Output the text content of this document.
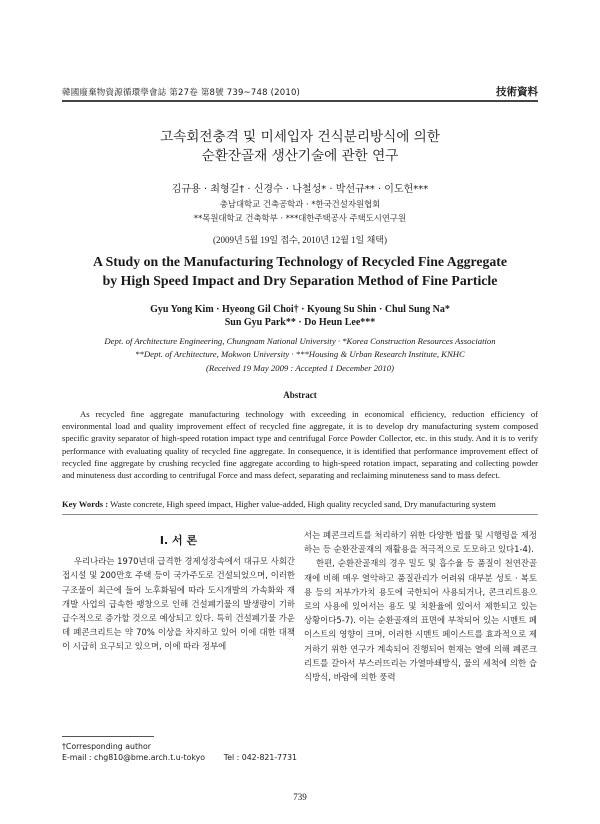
韓國廢棄物資源循環學會誌 第27卷 第8號 739~748 (2010)	技術資料
고속회전충격 및 미세입자 건식분리방식에 의한
순환잔골재 생산기술에 관한 연구
김규용 · 최형길† · 신경수 · 나철성* · 박선규** · 이도헌***
충남대학교 건축공학과 · *한국건설자원협회
**목원대학교 건축학부 · ***대한주택공사 주택도시연구원
(2009년 5월 19일 접수, 2010년 12월 1일 채택)
A Study on the Manufacturing Technology of Recycled Fine Aggregate
by High Speed Impact and Dry Separation Method of Fine Particle
Gyu Yong Kim · Hyeong Gil Choi† · Kyoung Su Shin · Chul Sung Na*
Sun Gyu Park** · Do Heun Lee***
Dept. of Architecture Engineering, Chungnam National University · *Korea Construction Resources Association
**Dept. of Architecture, Mokwon University · ***Housing & Urban Research Institute, KNHC
(Received 19 May 2009 : Accepted 1 December 2010)
Abstract
As recycled fine aggregate manufacturing technology with exceeding in economical efficiency, reduction efficiency of environmental load and quality improvement effect of recycled fine aggregate, it is to develop dry manufacturing system composed specific gravity separator of high-speed rotation impact type and centrifugal Force Powder Collector, etc. in this study. And it is to verify performance with evaluating quality of recycled fine aggregate. In consequence, it is identified that performance improvement effect of recycled fine aggregate by crushing recycled fine aggregate according to high-speed rotation impact, separating and collecting powder and minuteness dust according to centrifugal Force and mass defect, separating and reclaiming minuteness sand to mass defect.
Key Words : Waste concrete, High speed impact, Higher value-added, High quality recycled sand, Dry manufacturing system
I. 서 론

우리나라는 1970년대 급격한 경제성장속에서 대규모 사회간접시설 및 200만호 주택 등이 국가주도로 건설되었으며, 이러한 구조물이 최근에 들어 노후화됨에 따라 도시개발의 가속화와 재개발 사업의 급속한 팽창으로 인해 건설폐기물의 발생량이 기하급수적으로 증가할 것으로 예상되고 있다. 특히 건설폐기물 가운데 폐콘크리트는 약 70% 이상을 차지하고 있어 이에 대한 대책이 시급히 요구되고 있으며, 이에 따라 정부에

서는 폐콘크리트를 처리하기 위한 다양한 법률 및 시행령을 제정하는 등 순환잔골재의 재활용을 적극적으로 도모하고 있다1-4).

한편, 순환잔골재의 경우 밀도 및 흡수율 등 품질이 천연잔골재에 비해 매우 열악하고 품질관리가 어려워 대부분 성토 · 복토용 등의 저부가가치 용도에 국한되어 사용되거나, 콘크리트용으로의 사용에 있어서는 용도 및 치환율에 있어서 제한되고 있는 상황이다5-7). 이는 순환골재의 표면에 부착되어 있는 시멘트 페이스트의 영향이 크며, 이러한 시멘트 페이스트를 효과적으로 제거하기 위한 연구가 계속되어 진행되어 현재는 열에 의해 폐콘크리트를 갈아서 부스러뜨리는 가열마쇄방식, 물의 세척에 의한 습식방식, 바람에 의한 풍력

†Corresponding author
E-mail : chg810@bme.arch.t.u-tokyo Tel : 042-821-7731
739
